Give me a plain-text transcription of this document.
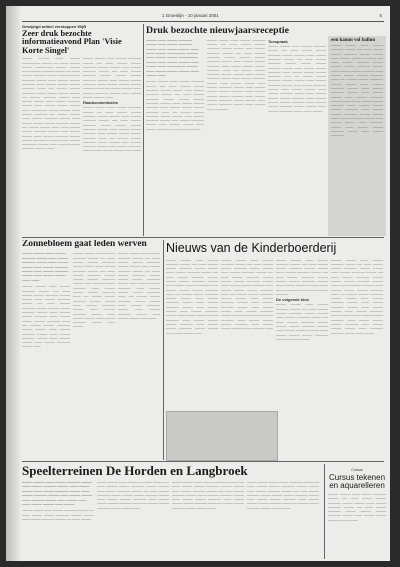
1 Groenlijn - 10 januari 2001	5
Gewijzigd artikel verstoppen WijB
Zeer druk bezochte informatieavond Plan 'Visie Korte Singel'

──── ──── ─── ──── ─────── ──── ── ─── ──── ──── ─────── ──── ──── ─── ──── ───── ──── ── ─── ──── ───── ──── ──── ──── ───── ──── ─── ──── ──── ───── ─── ──── ──── ──── ───── ─── ── ──── ──── ───── ──── ──── ──── ──── ── ──── ───── ──── ─── ──── ──── ─── ──── ───── ──── ─── ──── ──── ──── ─── ────── ──── ──── ─── ──── ───── ── ──── ──── ─── ──── ───── ──── ─── ──── ──── ──── ───── ──── ── ──── ──── ─── ─── ──── ──── ───── ──── ─── ──── ──── ─── ──── ───── ──── ──── ── ──── ──── ─── ──── ────── ──── ─── ──── ──── ───── ──── ───

──── ──── ─── ──── ───── ──── ── ─── ──── ──── ───── ──── ──── ─── ──── ───── ──── ── ─── ──── ───── ──── ──── ──── ───── ──── ─── ──── ──── ───── ─── ──── ──── ──── ───── ─── ── ──── ──── ─── ──── ───── ──── ─── ──── ──── ──── ───

Raadscommissies

──── ──── ─── ──── ───── ──── ── ─── ──── ──── ───── ──── ──── ─── ──── ───── ──── ── ─── ──── ───── ──── ──── ──── ───── ──── ─── ──── ──── ───── ─── ──── ──── ──── ───── ─── ── ──── ──── ───── ──── ──── ─── ──── ───── ──── ─── ──── ───── ──── ─── ──── ──── ─── ───

Druk bezochte nieuwjaarsreceptie
──── ─── ──── ───── ──── ─── ──── ───── ──── ─── ──── ──── ─── ─── ──── ─────── ──── ─── ──── ──── ─────── ──── ─── ──── ──── ─── ──── ─── ─────── ──── ─── ──── ──── ──── ─── ──── ───

──── ──── ─── ──── ───── ──── ── ─── ──── ──── ───── ──── ──── ─── ──── ───── ──── ── ─── ──── ───── ──── ──── ──── ───── ──── ─── ──── ──── ───── ─── ──── ──── ──── ───── ─── ── ──── ──── ───── ──── ──── ─── ──── ───── ──── ─── ──── ───── ──── ─── ──── ──── ─── ──── ───── ──── ─── ────

──── ──── ─── ──── ───── ──── ── ─── ──── ──── ───── ──── ──── ─── ──── ───── ──── ── ─── ──── ───── ──── ──── ──── ───── ──── ─── ──── ──── ───── ─── ──── ──── ──── ───── ─── ── ──── ──── ───── ──── ──── ─── ──── ───── ──── ─── ──── ───── ──── ─── ──── ──── ─── ──── ───── ──── ─── ──── ──── ──── ───── ─── ──── ──── ──── ───── ─── ──── ──── ───── ──── ──── ─── ──── ───── ──── ─── ──── ─── ─────

Toespraak

──── ──── ─── ──── ───── ──── ── ─── ──── ──── ───── ──── ──── ─── ──── ───── ──── ── ─── ──── ───── ──── ──── ──── ───── ──── ─── ──── ──── ───── ─── ──── ──── ──── ───── ─── ── ──── ──── ───── ──── ──── ─── ──── ───── ──── ─── ──── ───── ──── ─── ──── ──── ─── ──── ───── ──── ─── ──── ──── ──── ───── ─── ──── ──── ──── ───── ─── ──── ──── ───── ──── ──── ─── ──── ───── ──── ─── ────

een kanon vol ballon

──── ──── ─── ──── ───── ──── ── ─── ──── ──── ───── ──── ──── ─── ──── ───── ──── ── ─── ──── ───── ──── ──── ──── ───── ──── ─── ──── ──── ───── ─── ──── ──── ──── ───── ─── ── ──── ──── ───── ──── ──── ─── ──── ───── ──── ─── ──── ───── ──── ─── ──── ──── ─── ──── ───── ──── ─── ──── ──── ──── ───── ─── ──── ──── ──── ───── ─── ──── ──── ───── ──── ──── ─── ──── ───── ──── ─── ──── ──── ─── ───── ──── ─── ──── ──── ───── ──── ─── ──── ─────

Zonnebloem gaat leden werven
──── ──── ─── ──── ───── ──── ─── ──── ───── ──── ─── ──── ──── ─── ──── ───── ──── ─── ──── ───── ──── ─── ──── ──── ─── ───

──── ──── ─── ──── ───── ──── ── ─── ──── ──── ───── ──── ──── ─── ──── ───── ──── ── ─── ──── ───── ──── ──── ──── ───── ──── ─── ──── ──── ───── ─── ──── ──── ──── ───── ─── ── ──── ──── ───── ──── ──── ─── ──── ───── ──── ─── ──── ───── ──── ─── ──── ──── ─── ──── ───── ──── ───

──── ──── ─── ──── ───── ──── ── ─── ──── ──── ───── ──── ──── ─── ──── ───── ──── ── ─── ──── ───── ──── ──── ──── ───── ──── ─── ──── ──── ───── ─── ──── ──── ──── ───── ─── ── ──── ──── ───── ──── ──── ─── ──── ───── ──── ─── ──── ───── ──── ─── ──── ──── ─── ──── ───── ──── ─── ────

──── ──── ─── ──── ───── ──── ── ─── ──── ──── ───── ──── ──── ─── ──── ───── ──── ── ─── ──── ───── ──── ──── ──── ───── ──── ─── ──── ──── ───── ─── ──── ──── ──── ───── ─── ── ──── ──── ───── ──── ──── ─── ──── ───── ──── ─── ──── ───── ──── ─── ──── ──── ─── ───

Nieuws van de Kinderboerderij

──── ──── ─── ──── ───── ──── ── ─── ──── ──── ───── ──── ──── ─── ──── ───── ──── ── ─── ──── ───── ──── ──── ──── ───── ──── ─── ──── ──── ───── ─── ──── ──── ──── ───── ─── ── ──── ──── ───── ──── ──── ─── ──── ───── ──── ─── ──── ───── ──── ─── ──── ──── ─── ──── ───── ──── ─── ──── ──── ──── ───── ─── ──── ──── ──── ───── ─── ──── ──── ───── ──── ──── ─── ─── ──── ───

──── ──── ─── ──── ───── ──── ── ─── ──── ──── ───── ──── ──── ─── ──── ───── ──── ── ─── ──── ───── ──── ──── ──── ───── ──── ─── ──── ──── ───── ─── ──── ──── ──── ───── ─── ── ──── ──── ───── ──── ──── ─── ──── ───── ──── ─── ──── ───── ──── ─── ──── ──── ─── ──── ───── ──── ─── ──── ──── ──── ───── ─── ──── ──── ──── ───── ─── ──── ──── ──── ─── ───── ───

──── ──── ─── ──── ───── ──── ── ─── ──── ──── ───── ──── ──── ─── ──── ───── ──── ── ─── ──── ───── ──── ──── ──── ───── ──── ─── ──── ──── ───── ─── ──── ──── ──── ─── ──── ─────

De volgende klus

──── ──── ─── ──── ───── ──── ── ─── ──── ──── ───── ──── ──── ─── ──── ───── ──── ── ─── ──── ───── ──── ──── ──── ───── ──── ─── ──── ──── ───── ─── ──── ──── ──── ───── ─── ── ──── ───

──── ──── ─── ──── ───── ──── ── ─── ──── ──── ───── ──── ──── ─── ──── ───── ──── ── ─── ──── ───── ──── ──── ──── ───── ──── ─── ──── ──── ───── ─── ──── ──── ──── ───── ─── ── ──── ──── ───── ──── ──── ─── ──── ───── ──── ─── ──── ───── ──── ─── ──── ──── ─── ──── ───── ──── ─── ──── ──── ──── ───── ─── ──── ──── ──── ───── ─── ──── ──── ──── ─── ───── ───── ──── ─── ────

Speelterreinen De Horden en Langbroek
──── ──── ─── ──── ───── ──── ─── ──── ───── ──── ─── ──── ──── ─── ──── ───── ──── ─── ──── ───── ──── ─── ──── ──── ─── ───── ──── ─── ──── ─── ─── ──── ──── ─── ────

──── ──── ─── ──── ───── ──── ── ─── ──── ──── ───── ──── ──── ─── ──── ───── ──── ── ─── ────

──── ──── ─── ──── ───── ──── ── ─── ──── ──── ───── ──── ──── ─── ──── ───── ──── ── ─── ──── ───── ──── ──── ──── ───── ──── ─── ──── ──── ───── ─── ──── ──── ──── ───── ─── ── ──── ──── ───── ──── ──── ───

──── ──── ─── ──── ───── ──── ── ─── ──── ──── ───── ──── ──── ─── ──── ───── ──── ── ─── ──── ───── ──── ──── ──── ───── ──── ─── ──── ──── ───── ─── ──── ──── ──── ───── ─── ── ──── ──── ───── ──── ──── ───

──── ──── ─── ──── ───── ──── ── ─── ──── ──── ───── ──── ──── ─── ──── ───── ──── ── ─── ──── ───── ──── ──── ──── ───── ──── ─── ──── ──── ───── ─── ──── ──── ──── ───── ─── ── ──── ──── ───── ──── ──── ───

Cursus
Cursus tekenen en aquarelleren

──── ──── ─── ──── ───── ──── ── ─── ──── ──── ───── ──── ──── ─── ──── ───── ──── ── ─── ──── ───── ──── ──── ──── ───── ──── ─── ──── ──── ───── ─── ───
